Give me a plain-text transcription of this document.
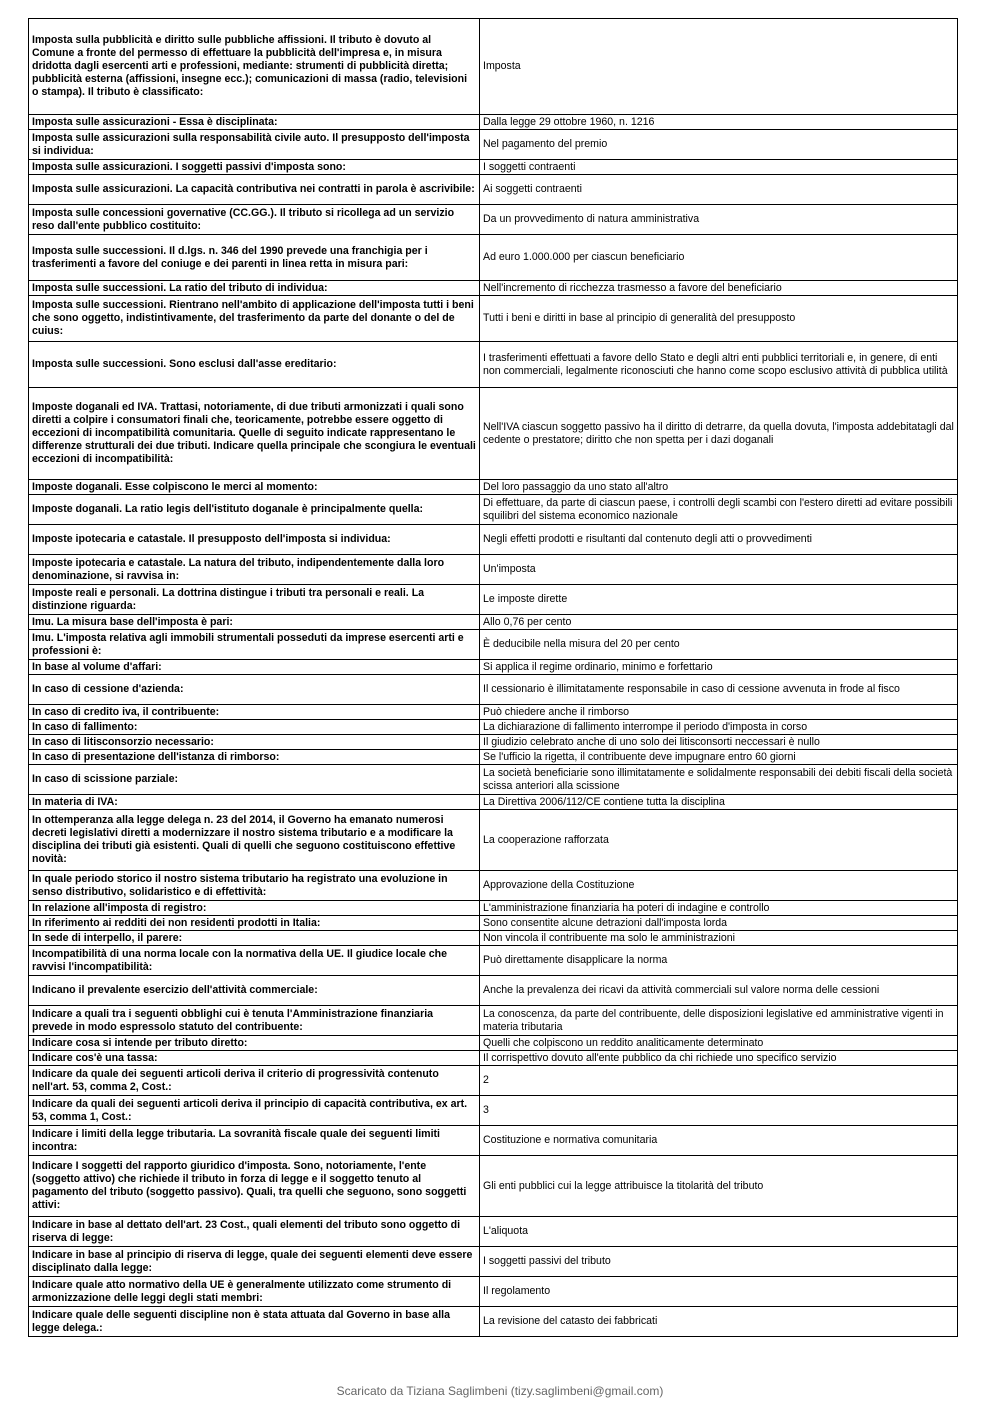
Imposta sulla pubblicità e diritto sulle pubbliche affissioni. Il tributo è dovuto al Comune a fronte del permesso di effettuare la pubblicità dell'impresa e, in misura dridotta dagli esercenti arti e professioni, mediante: strumenti di pubblicità diretta; pubblicità esterna (affissioni, insegne ecc.); comunicazioni di massa (radio, televisioni o stampa). Il tributo è classificato:	Imposta
Imposta sulle assicurazioni - Essa è disciplinata:	Dalla legge 29 ottobre 1960, n. 1216
Imposta sulle assicurazioni sulla responsabilità civile auto. Il presupposto dell'imposta si individua:	Nel pagamento del premio
Imposta sulle assicurazioni. I soggetti passivi d'imposta sono:	I soggetti contraenti
Imposta sulle assicurazioni. La capacità contributiva nei contratti in parola è ascrivibile:	Ai soggetti contraenti
Imposta sulle concessioni governative (CC.GG.). Il tributo si ricollega ad un servizio reso dall'ente pubblico costituito:	Da un provvedimento di natura amministrativa
Imposta sulle successioni. Il d.lgs. n. 346 del 1990 prevede una franchigia per i trasferimenti a favore del coniuge e dei parenti in linea retta in misura pari:	Ad euro 1.000.000 per ciascun beneficiario
Imposta sulle successioni. La ratio del tributo di individua:	Nell'incremento di ricchezza trasmesso a favore del beneficiario
Imposta sulle successioni. Rientrano nell'ambito di applicazione dell'imposta tutti i beni che sono oggetto, indistintivamente, del trasferimento da parte del donante o del de cuius:	Tutti i beni e diritti in base al principio di generalità del presupposto
Imposta sulle successioni. Sono esclusi dall'asse ereditario:	I trasferimenti effettuati a favore dello Stato e degli altri enti pubblici territoriali e, in genere, di enti non commerciali, legalmente riconosciuti che hanno come scopo esclusivo attività di pubblica utilità
Imposte doganali ed IVA. Trattasi, notoriamente, di due tributi armonizzati i quali sono diretti a colpire i consumatori finali che, teoricamente, potrebbe essere oggetto di eccezioni di incompatibilità comunitaria. Quelle di seguito indicate rappresentano le differenze strutturali dei due tributi. Indicare quella principale che scongiura le eventuali eccezioni di incompatibilità:	Nell'IVA ciascun soggetto passivo ha il diritto di detrarre, da quella dovuta, l'imposta addebitatagli dal cedente o prestatore; diritto che non spetta per i dazi doganali
Imposte doganali. Esse colpiscono le merci al momento:	Del loro passaggio da uno stato all'altro
Imposte doganali. La ratio legis dell'istituto doganale è principalmente quella:	Di effettuare, da parte di ciascun paese, i controlli degli scambi con l'estero diretti ad evitare possibili squilibri del sistema economico nazionale
Imposte ipotecaria e catastale. Il presupposto dell'imposta si individua:	Negli effetti prodotti e risultanti dal contenuto degli atti o provvedimenti
Imposte ipotecaria e catastale. La natura del tributo, indipendentemente dalla loro denominazione, si ravvisa in:	Un'imposta
Imposte reali e personali. La dottrina distingue i tributi tra personali e reali. La distinzione riguarda:	Le imposte dirette
Imu. La misura base dell'imposta è pari:	Allo 0,76 per cento
Imu. L'imposta relativa agli immobili strumentali posseduti da imprese esercenti arti e professioni è:	È deducibile nella misura del 20 per cento
In base al volume d'affari:	Si applica il regime ordinario, minimo e forfettario
In caso di cessione d'azienda:	Il cessionario è illimitatamente responsabile in caso di cessione avvenuta in frode al fisco
In caso di credito iva, il contribuente:	Può chiedere anche il rimborso
In caso di fallimento:	La dichiarazione di fallimento interrompe il periodo d'imposta in corso
In caso di litisconsorzio necessario:	Il giudizio celebrato anche di uno solo dei litisconsorti neccessari è nullo
In caso di presentazione dell'istanza di rimborso:	Se l'ufficio la rigetta, il contribuente deve impugnare entro 60 giorni
In caso di scissione parziale:	La società beneficiarie sono illimitatamente e solidalmente responsabili dei debiti fiscali della società scissa anteriori alla scissione
In materia di IVA:	La Direttiva 2006/112/CE contiene tutta la disciplina
In ottemperanza alla legge delega n. 23 del 2014, il Governo ha emanato numerosi decreti legislativi diretti a modernizzare il nostro sistema tributario e a modificare la disciplina dei tributi già esistenti. Quali di quelli che seguono costituiscono effettive novità:	La cooperazione rafforzata
In quale periodo storico il nostro sistema tributario ha registrato una evoluzione in senso distributivo, solidaristico e di effettività:	Approvazione della Costituzione
In relazione all'imposta di registro:	L'amministrazione finanziaria ha poteri di indagine e controllo
In riferimento ai redditi dei non residenti prodotti in Italia:	Sono consentite alcune detrazioni dall'imposta lorda
In sede di interpello, il parere:	Non vincola il contribuente ma solo le amministrazioni
Incompatibilità di una norma locale con la normativa della UE. Il giudice locale che ravvisi l'incompatibilità:	Può direttamente disapplicare la norma
Indicano il prevalente esercizio dell'attività commerciale:	Anche la prevalenza dei ricavi da attività commerciali sul valore norma delle cessioni
Indicare a quali tra i seguenti obblighi cui è tenuta l'Amministrazione finanziaria prevede in modo espressolo statuto del contribuente:	La conoscenza, da parte del contribuente, delle disposizioni legislative ed amministrative vigenti in materia tributaria
Indicare cosa si intende per tributo diretto:	Quelli che colpiscono un reddito analiticamente determinato
Indicare cos'è una tassa:	Il corrispettivo dovuto all'ente pubblico da chi richiede uno specifico servizio
Indicare da quale dei seguenti articoli deriva il criterio di progressività contenuto nell'art. 53, comma 2, Cost.:	2
Indicare da quali dei seguenti articoli deriva il principio di capacità contributiva, ex art. 53, comma 1, Cost.:	3
Indicare i limiti della legge tributaria. La sovranità fiscale quale dei seguenti limiti incontra:	Costituzione e normativa comunitaria
Indicare I soggetti del rapporto giuridico d'imposta. Sono, notoriamente, l'ente (soggetto attivo) che richiede il tributo in forza di legge e il soggetto tenuto al pagamento del tributo (soggetto passivo). Quali, tra quelli che seguono, sono soggetti attivi:	Gli enti pubblici cui la legge attribuisce la titolarità del tributo
Indicare in base al dettato dell'art. 23 Cost., quali elementi del tributo sono oggetto di riserva di legge:	L'aliquota
Indicare in base al principio di riserva di legge, quale dei seguenti elementi deve essere disciplinato dalla legge:	I soggetti passivi del tributo
Indicare quale atto normativo della UE è generalmente utilizzato come strumento di armonizzazione delle leggi degli stati membri:	Il regolamento
Indicare quale delle seguenti discipline non è stata attuata dal Governo in base alla legge delega.:	La revisione del catasto dei fabbricati
Scaricato da Tiziana Saglimbeni (tizy.saglimbeni@gmail.com)
